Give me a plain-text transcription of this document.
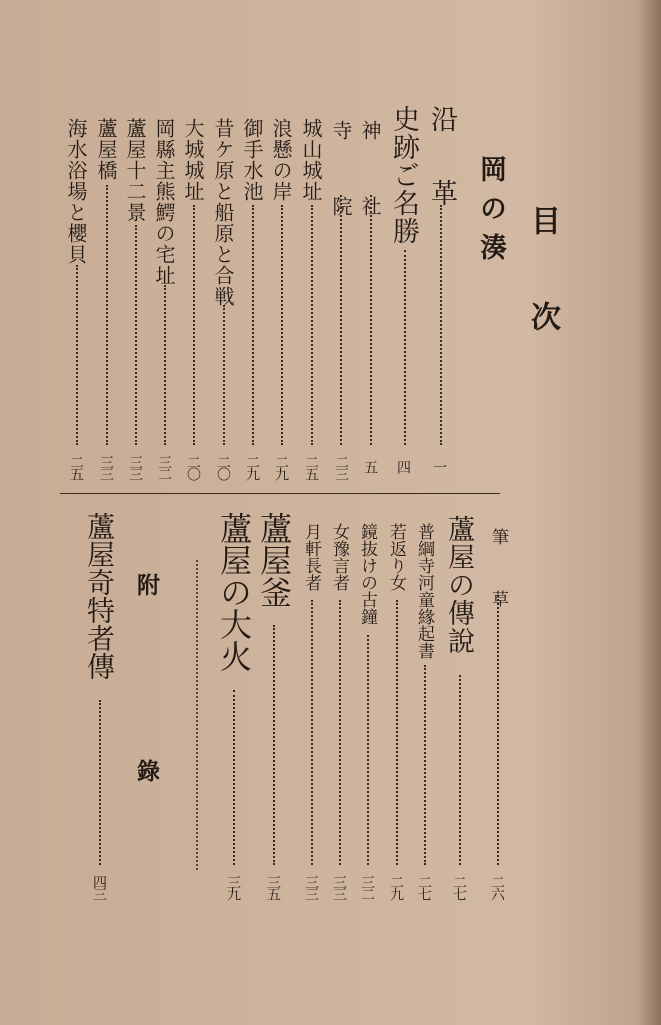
目　次
岡の湊
沿　革
一
史跡ご名勝
四
神　社
五
寺　院
二三
城山城址
二五
浪懸の岸
二九
御手水池
二九
昔ケ原と船原と合戦
二〇
大城城址
二〇
岡縣主熊鰐の宅址
三二
蘆屋十二景
三三
蘆屋橋
三三
海水浴場と櫻貝
二五
筆　草
二六
蘆屋の傳說
二七
普綱寺河童緣起書
二七
若返り女
二九
鏡抜けの古鐘
三二
女豫言者
三三
月軒長者
三三
蘆屋釜
三五
蘆屋の大火
三九
附　錄
蘆屋奇特者傳
四三
